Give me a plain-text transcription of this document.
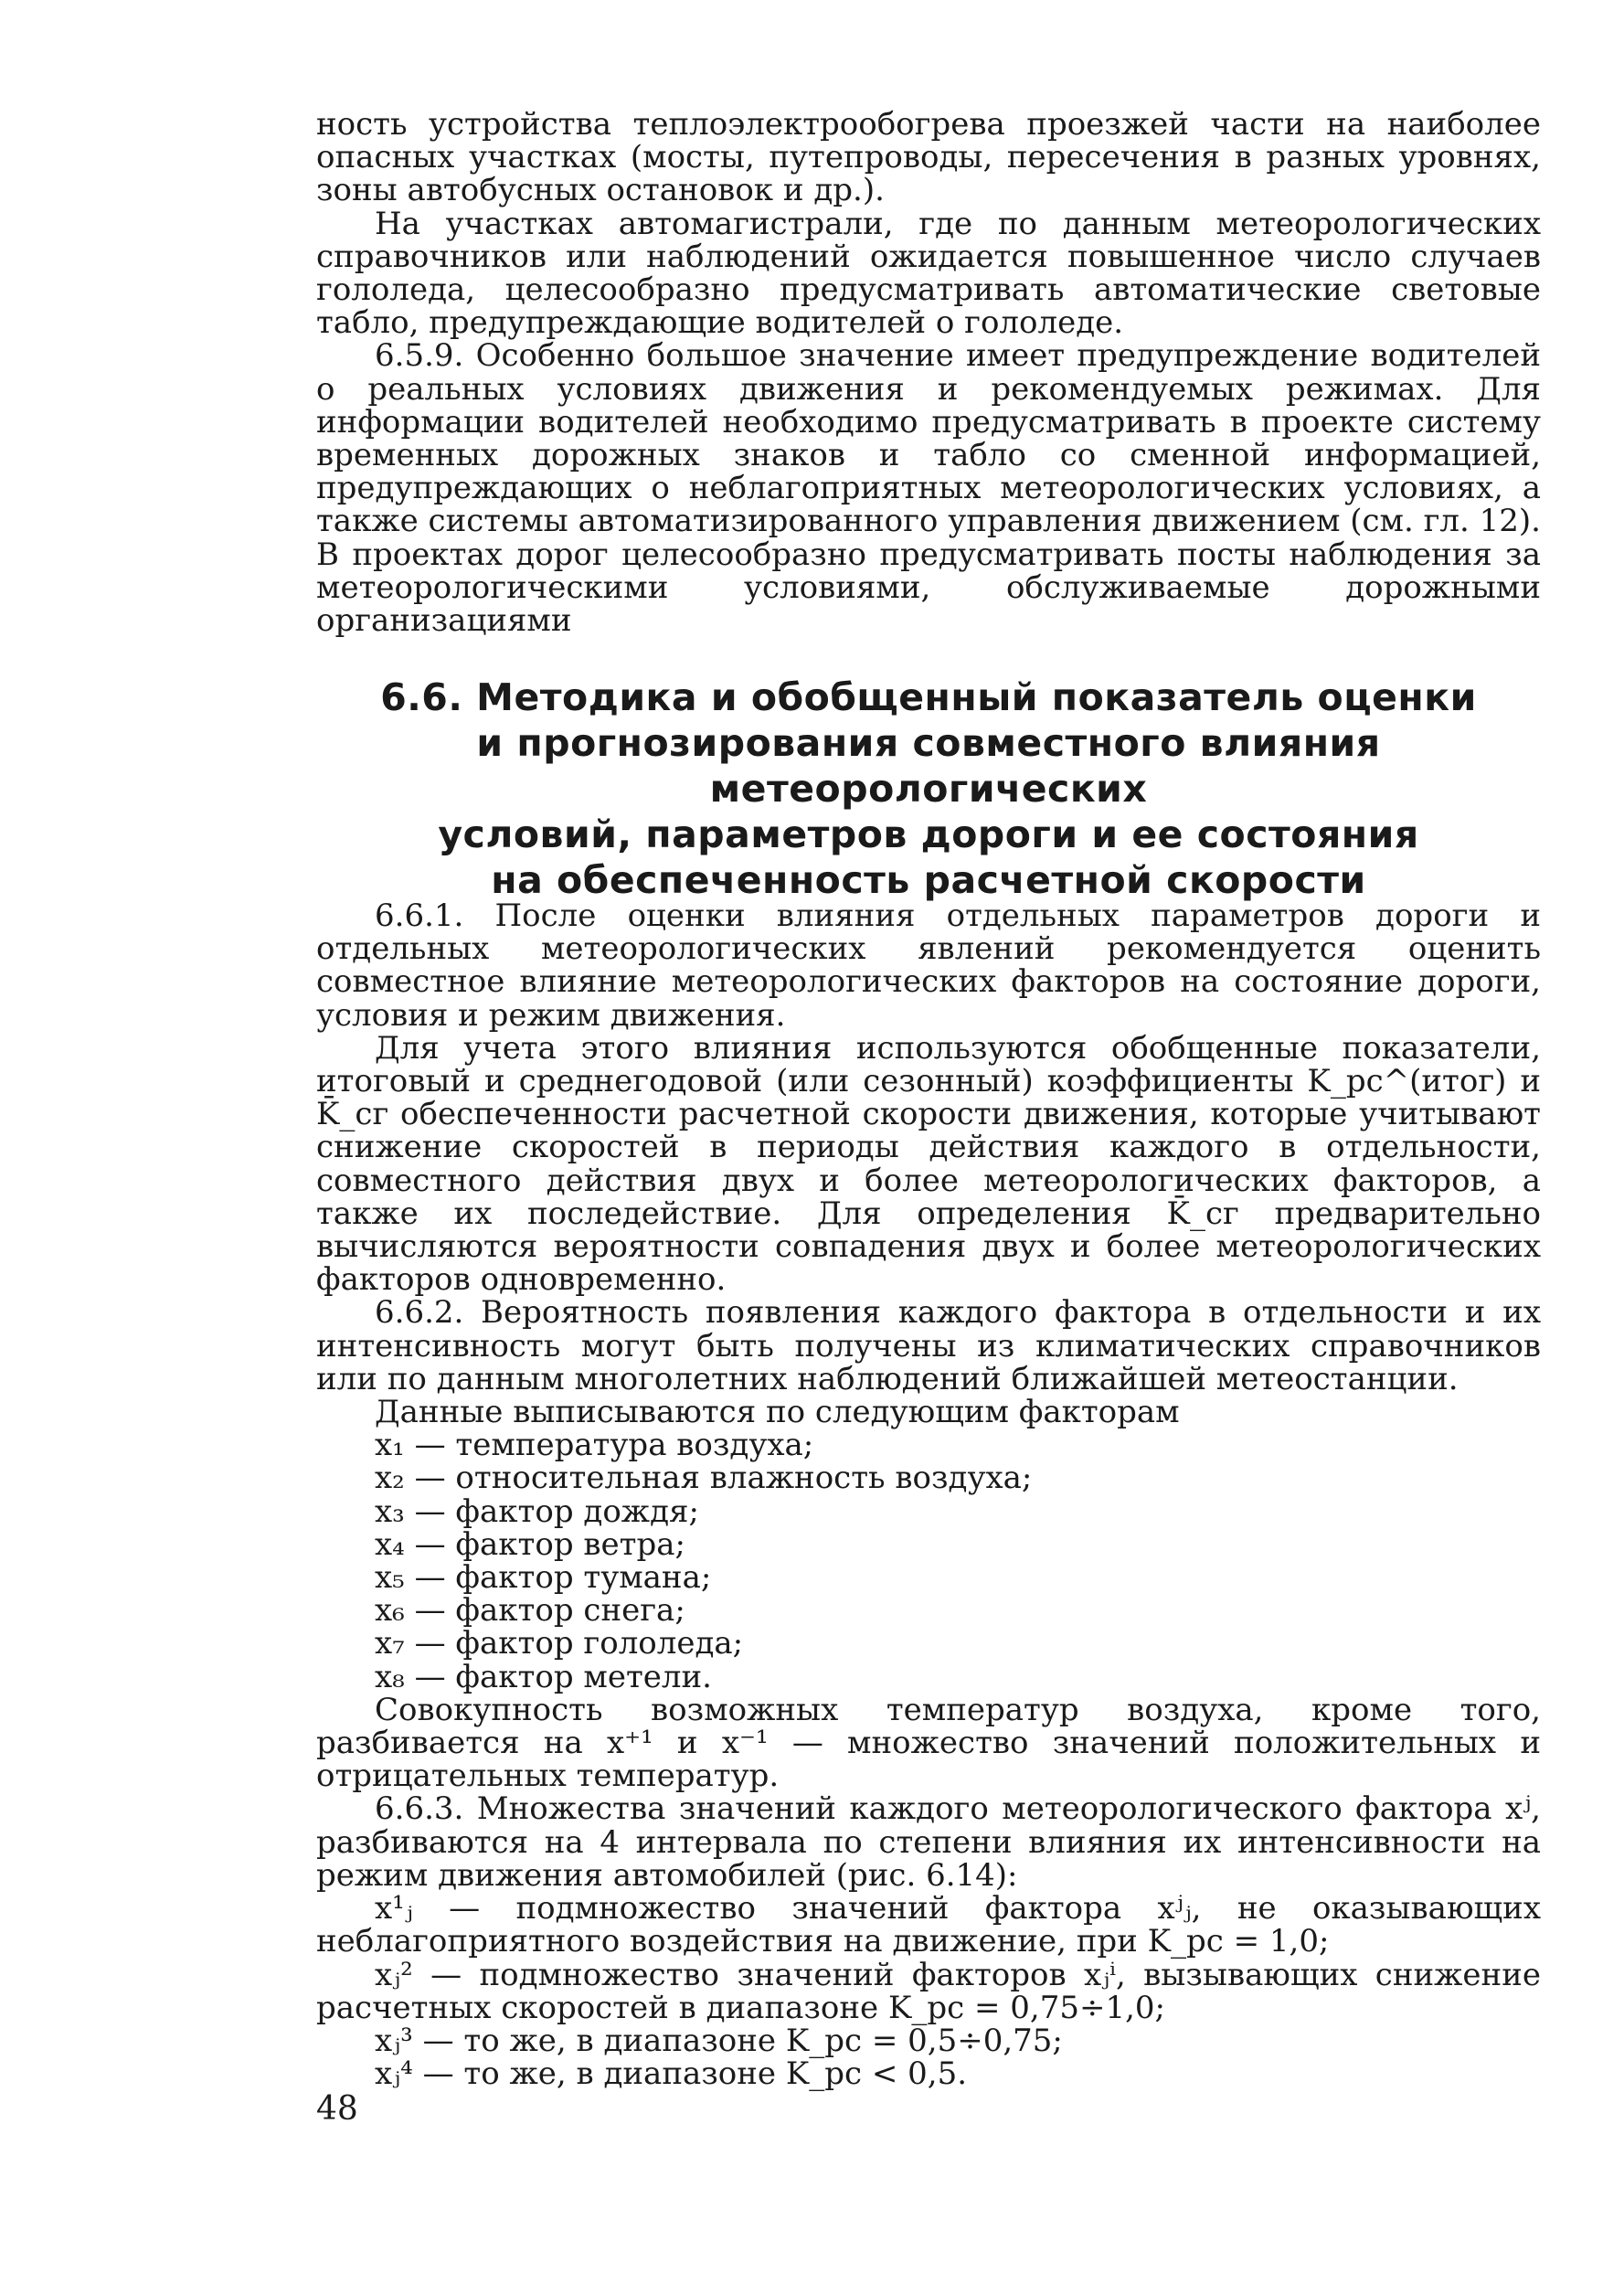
ность устройства теплоэлектрообогрева проезжей части на наиболее опасных участках (мосты, путепроводы, пересечения в разных уровнях, зоны автобусных остановок и др.).

На участках автомагистрали, где по данным метеорологических справочников или наблюдений ожидается повышенное число случаев гололеда, целесообразно предусматривать автоматические световые табло, предупреждающие водителей о гололеде.

6.5.9. Особенно большое значение имеет предупреждение водителей о реальных условиях движения и рекомендуемых режимах. Для информации водителей необходимо предусматривать в проекте систему временных дорожных знаков и табло со сменной информацией, предупреждающих о неблагоприятных метеорологических условиях, а также системы автоматизированного управления движением (см. гл. 12). В проектах дорог целесообразно предусматривать посты наблюдения за метеорологическими условиями, обслуживаемые дорожными организациями

6.6. Методика и обобщенный показатель оценки
и прогнозирования совместного влияния метеорологических
условий, параметров дороги и ее состояния
на обеспеченность расчетной скорости

6.6.1. После оценки влияния отдельных параметров дороги и отдельных метеорологических явлений рекомендуется оценить совместное влияние метеорологических факторов на состояние дороги, условия и режим движения.

Для учета этого влияния используются обобщенные показатели, итоговый и среднегодовой (или сезонный) коэффициенты K_рс^(итог) и K̄_сг обеспеченности расчетной скорости движения, которые учитывают снижение скоростей в периоды действия каждого в отдельности, совместного действия двух и более метеорологических факторов, а также их последействие. Для определения K̄_сг предварительно вычисляются вероятности совпадения двух и более метеорологических факторов одновременно.

6.6.2. Вероятность появления каждого фактора в отдельности и их интенсивность могут быть получены из климатических справочников или по данным многолетних наблюдений ближайшей метеостанции.

Данные выписываются по следующим факторам

x₁ — температура воздуха;

x₂ — относительная влажность воздуха;

x₃ — фактор дождя;

x₄ — фактор ветра;

x₅ — фактор тумана;

x₆ — фактор снега;

x₇ — фактор гололеда;

x₈ — фактор метели.

Совокупность возможных температур воздуха, кроме того, разбивается на x⁺¹ и x⁻¹ — множество значений положительных и отрицательных температур.

6.6.3. Множества значений каждого метеорологического фактора xʲ, разбиваются на 4 интервала по степени влияния их интенсивности на режим движения автомобилей (рис. 6.14):

x¹ⱼ — подмножество значений фактора xʲⱼ, не оказывающих неблагоприятного воздействия на движение, при K_рс = 1,0;

xⱼ² — подмножество значений факторов xⱼⁱ, вызывающих снижение расчетных скоростей в диапазоне K_рс = 0,75÷1,0;

xⱼ³ — то же, в диапазоне K_рс = 0,5÷0,75;

xⱼ⁴ — то же, в диапазоне K_рс < 0,5.

48
